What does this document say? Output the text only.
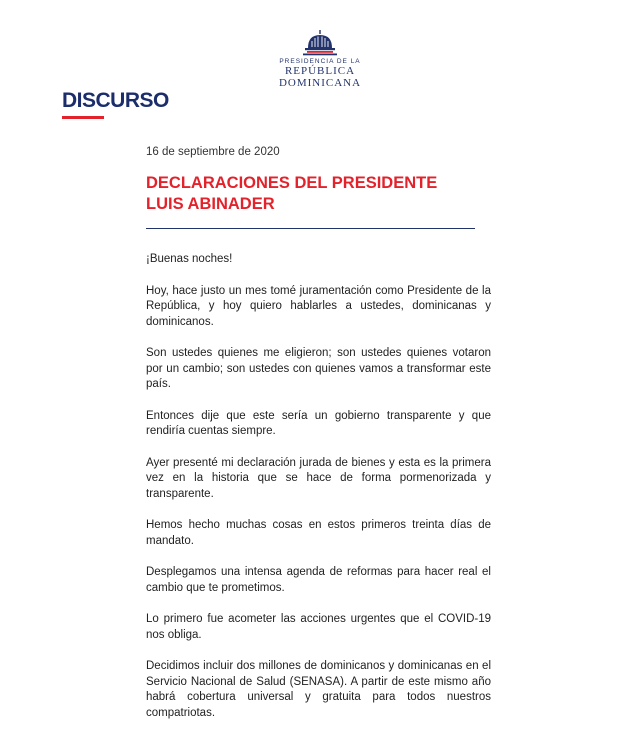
PRESIDENCIA DE LA
REPÚBLICA DOMINICANA
DISCURSO
16 de septiembre de 2020
DECLARACIONES DEL PRESIDENTE LUIS ABINADER

¡Buenas noches!

Hoy, hace justo un mes tomé juramentación como Presidente de la República, y hoy quiero hablarles a ustedes, dominicanas y dominicanos.

Son ustedes quienes me eligieron; son ustedes quienes votaron por un cambio; son ustedes con quienes vamos a transformar este país.

Entonces dije que este sería un gobierno transparente y que rendiría cuentas siempre.

Ayer presenté mi declaración jurada de bienes y esta es la primera vez en la historia que se hace de forma pormenorizada y transparente.

Hemos hecho muchas cosas en estos primeros treinta días de mandato.

Desplegamos una intensa agenda de reformas para hacer real el cambio que te prometimos.

Lo primero fue acometer las acciones urgentes que el COVID-19 nos obliga.

Decidimos incluir dos millones de dominicanos y dominicanas en el Servicio Nacional de Salud (SENASA). A partir de este mismo año habrá cobertura universal y gratuita para todos nuestros compatriotas.
